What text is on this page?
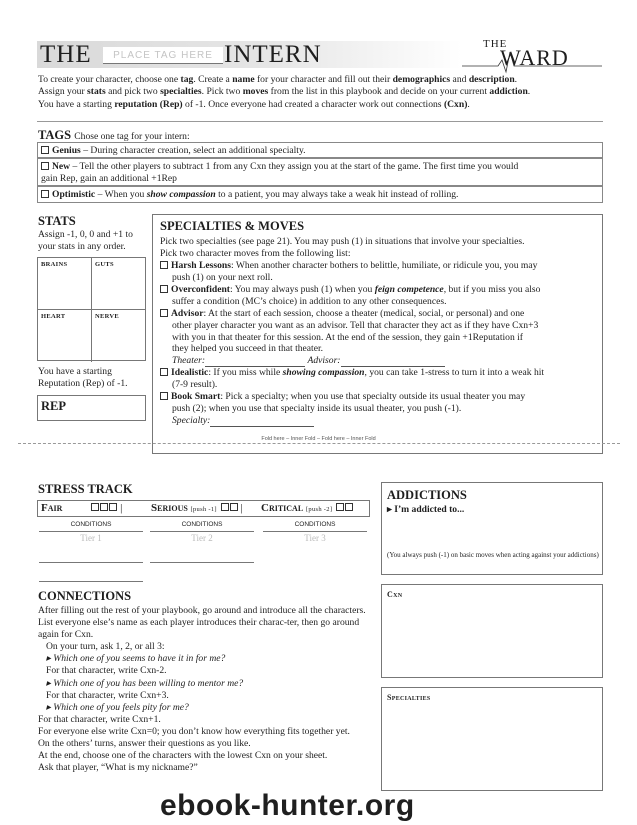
THE	PLACE TAG HERE INTERN	THE
WARD
To create your character, choose one tag. Create a name for your character and fill out their demographics and description.
Assign your stats and pick two specialties. Pick two moves from the list in this playbook and decide on your current addiction.
You have a starting reputation (Rep) of -1. Once everyone had created a character work out connections (Cxn).
TAGS Chose one tag for your intern:
Genius – During character creation, select an additional specialty.
New – Tell the other players to subtract 1 from any Cxn they assign you at the start of the game. The first time you would
gain Rep, gain an additional +1Rep
Optimistic – When you show compassion to a patient, you may always take a weak hit instead of rolling.
STATS
Assign -1, 0, 0 and +1 to your stats in any order.
BRAINS	GUTS
HEART	NERVE
You have a starting Reputation (Rep) of -1.
REP
SPECIALTIES & MOVES

Pick two specialties (see page 21). You may push (1) in situations that involve your specialties.

Pick two character moves from the following list:

Harsh Lessons: When another character bothers to belittle, humiliate, or ridicule you, you may
push (1) on your next roll.
Overconfident: You may always push (1) when you feign competence, but if you miss you also
suffer a condition (MC’s choice) in addition to any other consequences.
Advisor: At the start of each session, choose a theater (medical, social, or personal) and one
other player character you want as an advisor. Tell that character they act as if they have Cxn+3
with you in that theater for this session. At the end of the session, they gain +1Reputation if
they helped you succeed in that theater.
Theater:	Advisor:
Idealistic: If you miss while showing compassion, you can take 1-stress to turn it into a weak hit
(7-9 result).
Book Smart: Pick a specialty; when you use that specialty outside its usual theater you may
push (2); when you use that specialty inside its usual theater, you push (-1).
Specialty:
Fold here – Inner Fold – Fold here – Inner Fold
STRESS TRACK
Fair	|	Serious [push -1]  | Critical [push -2]
CONDITIONS	CONDITIONS	CONDITIONS
Tier 1	Tier 2	Tier 3
CONNECTIONS
After filling out the rest of your playbook, go around and introduce all the characters. List everyone else’s name as each player introduces their charac-ter, then go around again for Cxn.
On your turn, ask 1, 2, or all 3:
▸ Which one of you seems to have it in for me?
For that character, write Cxn-2.
▸ Which one of you has been willing to mentor me?
For that character, write Cxn+3.
▸ Which one of you feels pity for me?
For that character, write Cxn+1.
For everyone else write Cxn=0; you don’t know how everything fits together yet.
On the others’ turns, answer their questions as you like.
At the end, choose one of the characters with the lowest Cxn on your sheet.
Ask that player, “What is my nickname?”
ADDICTIONS
▸ I’m addicted to...
(You always push (-1) on basic moves when acting against your addictions)
Cxn
Specialties
ebook-hunter.org
